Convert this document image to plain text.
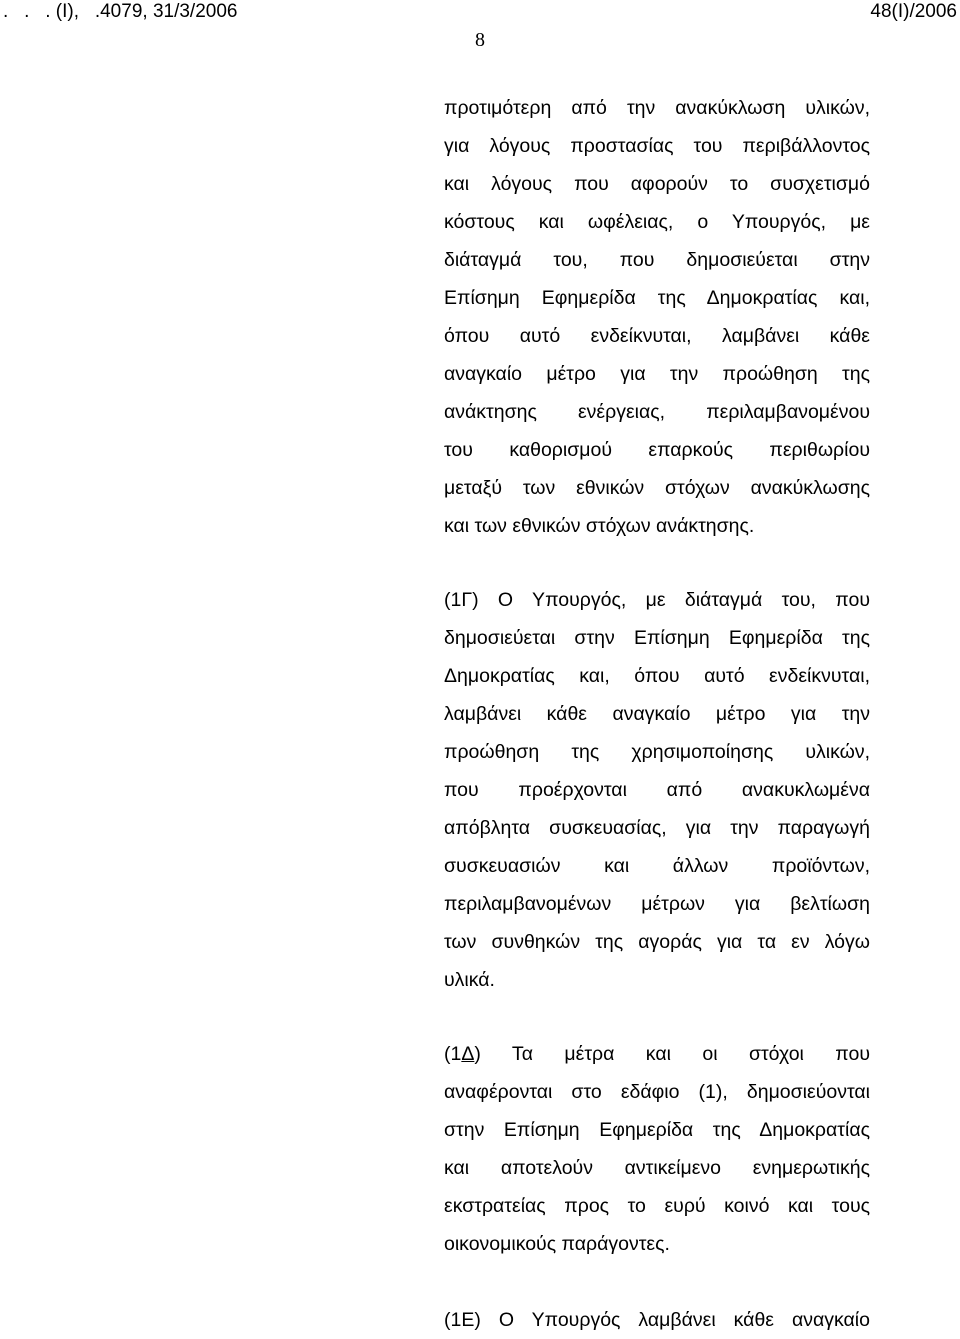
.   .   . (Ι),   .4079, 31/3/2006	48(Ι)/2006
8
προτιμότερη από την ανακύκλωση υλικών,
για λόγους προστασίας του περιβάλλοντος
και λόγους που αφορούν το συσχετισμό
κόστους και ωφέλειας, ο Υπουργός, με
διάταγμά του, που δημοσιεύεται στην
Επίσημη Εφημερίδα της Δημοκρατίας και,
όπου αυτό ενδείκνυται, λαμβάνει κάθε
αναγκαίο μέτρο για την προώθηση της
ανάκτησης ενέργειας, περιλαμβανομένου
του καθορισμού επαρκούς περιθωρίου
μεταξύ των εθνικών στόχων ανακύκλωσης
και των εθνικών στόχων ανάκτησης.
(1Γ) Ο Υπουργός, με διάταγμά του, που
δημοσιεύεται στην Επίσημη Εφημερίδα της
Δημοκρατίας και, όπου αυτό ενδείκνυται,
λαμβάνει κάθε αναγκαίο μέτρο για την
προώθηση της χρησιμοποίησης υλικών,
που προέρχονται από ανακυκλωμένα
απόβλητα συσκευασίας, για την παραγωγή
συσκευασιών και άλλων προϊόντων,
περιλαμβανομένων μέτρων για βελτίωση
των συνθηκών της αγοράς για τα εν λόγω
υλικά.
(1Δ) Τα μέτρα και οι στόχοι που
αναφέρονται στο εδάφιο (1), δημοσιεύονται
στην Επίσημη Εφημερίδα της Δημοκρατίας
και αποτελούν αντικείμενο ενημερωτικής
εκστρατείας προς το ευρύ κοινό και τους
οικονομικούς παράγοντες.
(1Ε) Ο Υπουργός λαμβάνει κάθε αναγκαίο
